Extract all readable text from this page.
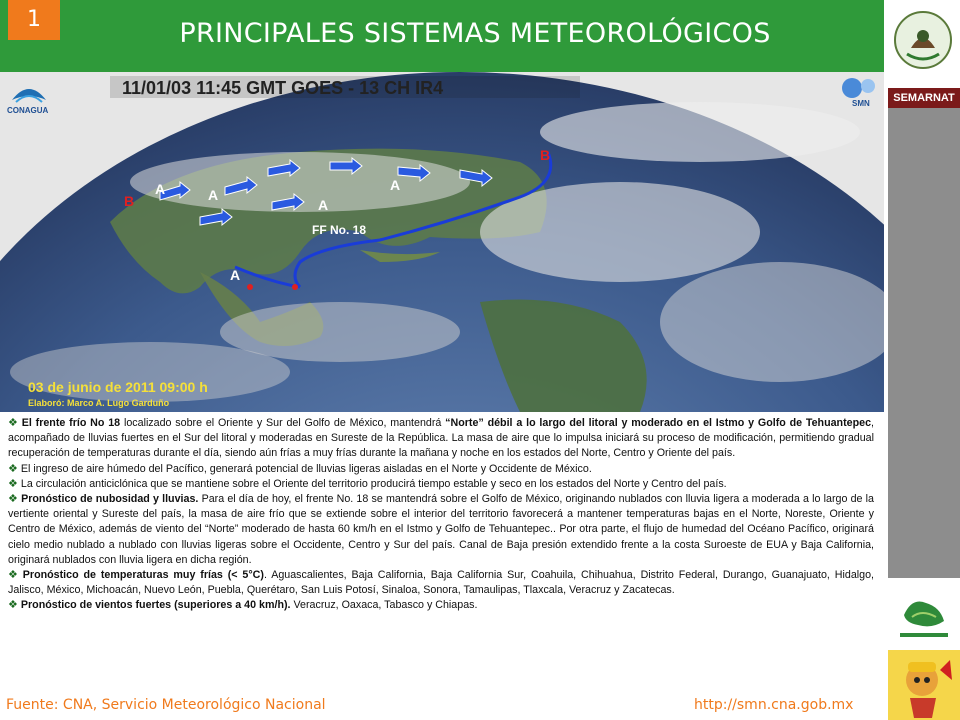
1	PRINCIPALES SISTEMAS METEOROLÓGICOS
SEMARNAT
11/01/03 11:45 GMT GOES - 13 CH IR4
03 de junio de 2011 09:00 h
Elaboró: Marco A. Lugo Garduño
FF No. 18
A	A
A
A
A
B
B
CONAGUA
SMN

❖ El frente frío No 18 localizado sobre el Oriente y Sur del Golfo de México, mantendrá “Norte” débil a lo largo del litoral y moderado en el Istmo y Golfo de Tehuantepec, acompañado de lluvias fuertes en el Sur del litoral y moderadas en Sureste de la República. La masa de aire que lo impulsa iniciará su proceso de modificación, permitiendo gradual recuperación de temperaturas durante el día, siendo aún frías a muy frías durante la mañana y noche en los estados del Norte, Centro y Oriente del país.

❖ El ingreso de aire húmedo del Pacífico, generará potencial de lluvias ligeras aisladas en el Norte y Occidente de México.

❖ La circulación anticiclónica que se mantiene sobre el Oriente del territorio producirá tiempo estable y seco en los estados del Norte y Centro del país.

❖ Pronóstico de nubosidad y lluvias. Para el día de hoy, el frente No. 18 se mantendrá sobre el Golfo de México, originando nublados con lluvia ligera a moderada a lo largo de la vertiente oriental y Sureste del país, la masa de aire frío que se extiende sobre el interior del territorio favorecerá a mantener temperaturas bajas en el Norte, Noreste, Oriente y Centro de México, además de viento del “Norte” moderado de hasta 60 km/h en el Istmo y Golfo de Tehuantepec.. Por otra parte, el flujo de humedad del Océano Pacífico, originará cielo medio nublado a nublado con lluvias ligeras sobre el Occidente, Centro y Sur del país. Canal de Baja presión extendido frente a la costa Suroeste de EUA y Baja California, originará nublados con lluvia ligera en dicha región.

❖ Pronóstico de temperaturas muy frías (< 5°C). Aguascalientes, Baja California, Baja California Sur, Coahuila, Chihuahua, Distrito Federal, Durango, Guanajuato, Hidalgo, Jalisco, México, Michoacán, Nuevo León, Puebla, Querétaro, San Luis Potosí, Sinaloa, Sonora, Tamaulipas, Tlaxcala, Veracruz y Zacatecas.

❖ Pronóstico de vientos fuertes (superiores a 40 km/h). Veracruz, Oaxaca, Tabasco y Chiapas.

Fuente: CNA, Servicio Meteorológico Nacional	http://smn.cna.gob.mx
